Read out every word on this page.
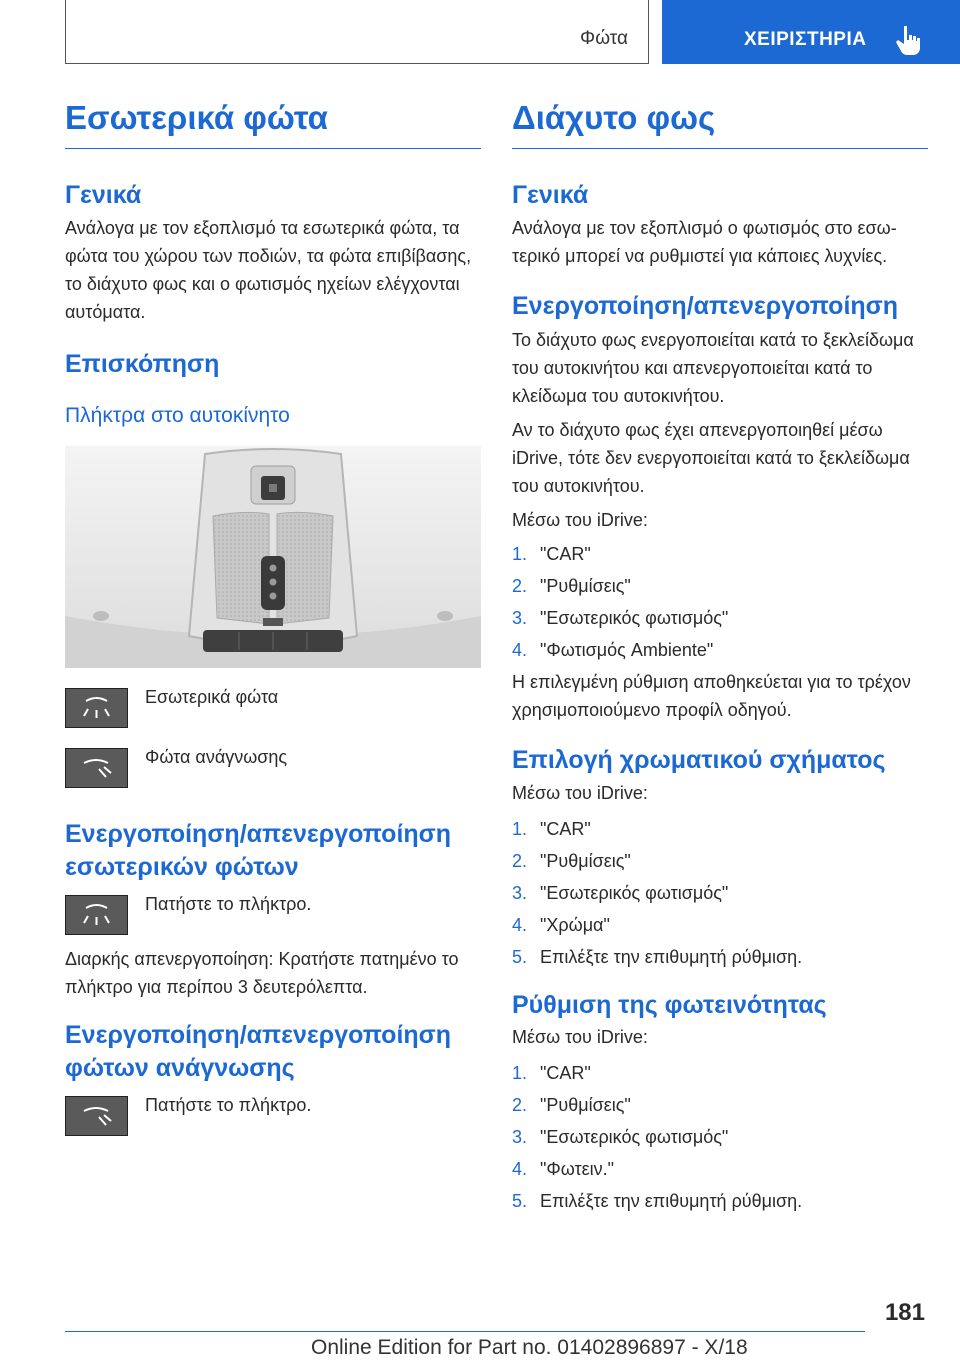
Φώτα	ΧΕΙΡΙΣΤΗΡΙΑ
Εσωτερικά φώτα
Γενικά

Ανάλογα με τον εξοπλισμό τα εσωτερικά φώτα, τα φώτα του χώρου των ποδιών, τα φώτα επιβίβασης, το διάχυτο φως και ο φωτισμός ηχείων ελέγχονται αυτόματα.

Επισκόπηση
Πλήκτρα στο αυτοκίνητο
Εσωτερικά φώτα
Φώτα ανάγνωσης
Ενεργοποίηση/απενεργοποίηση εσωτερικών φώτων
Πατήστε το πλήκτρο.

Διαρκής απενεργοποίηση: Κρατήστε πατημένο το πλήκτρο για περίπου 3 δευτερόλεπτα.

Ενεργοποίηση/απενεργοποίηση φώτων ανάγνωσης
Πατήστε το πλήκτρο.
Διάχυτο φως
Γενικά

Ανάλογα με τον εξοπλισμό ο φωτισμός στο εσωτερικό μπορεί να ρυθμιστεί για κάποιες λυχνίες.

Ενεργοποίηση/απενεργοποίηση

Το διάχυτο φως ενεργοποιείται κατά το ξεκλείδωμα του αυτοκινήτου και απενεργοποιείται κατά το κλείδωμα του αυτοκινήτου.

Αν το διάχυτο φως έχει απενεργοποιηθεί μέσω iDrive, τότε δεν ενεργοποιείται κατά το ξεκλείδωμα του αυτοκινήτου.

Μέσω του iDrive:

1. "CAR"
2. "Ρυθμίσεις"
3. "Εσωτερικός φωτισμός"
4. "Φωτισμός Ambiente"

Η επιλεγμένη ρύθμιση αποθηκεύεται για το τρέχον χρησιμοποιούμενο προφίλ οδηγού.

Επιλογή χρωματικού σχήματος

Μέσω του iDrive:

1. "CAR"
2. "Ρυθμίσεις"
3. "Εσωτερικός φωτισμός"
4. "Χρώμα"
5. Επιλέξτε την επιθυμητή ρύθμιση.
Ρύθμιση της φωτεινότητας

Μέσω του iDrive:

1. "CAR"
2. "Ρυθμίσεις"
3. "Εσωτερικός φωτισμός"
4. "Φωτειν."
5. Επιλέξτε την επιθυμητή ρύθμιση.
181
Online Edition for Part no. 01402896897 - X/18
